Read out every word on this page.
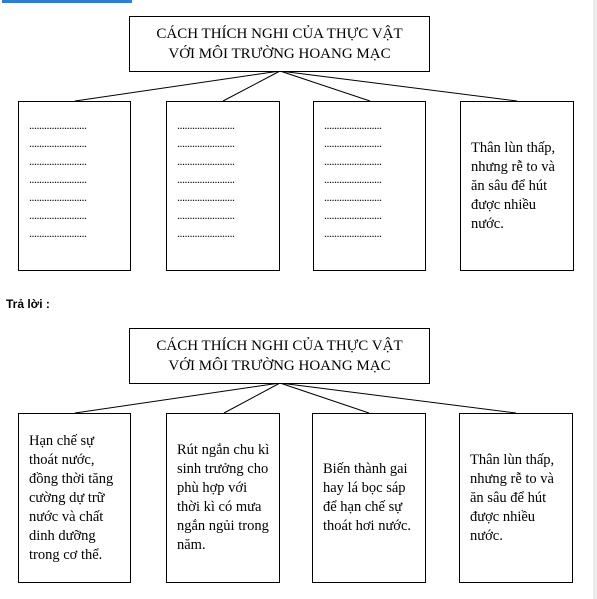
CÁCH THÍCH NGHI CỦA THỰC VẬT
VỚI MÔI TRƯỜNG HOANG MẠC
.......................
.......................
.......................
.......................
.......................
.......................
.......................
.......................
.......................
.......................
.......................
.......................
.......................
.......................
.......................
.......................
.......................
.......................
.......................
.......................
.......................
Thân lùn thấp, nhưng rễ to và ăn sâu để hút được nhiều nước.
Trả lời :
CÁCH THÍCH NGHI CỦA THỰC VẬT
VỚI MÔI TRƯỜNG HOANG MẠC
Hạn chế sự thoát nước, đồng thời tăng cường dự trữ nước và chất dinh dưỡng trong cơ thể.
Rút ngắn chu kì sinh trưởng cho phù hợp với thời kì có mưa ngắn ngủi trong năm.
Biến thành gai hay lá bọc sáp để hạn chế sự thoát hơi nước.
Thân lùn thấp, nhưng rễ to và ăn sâu để hút được nhiều nước.
